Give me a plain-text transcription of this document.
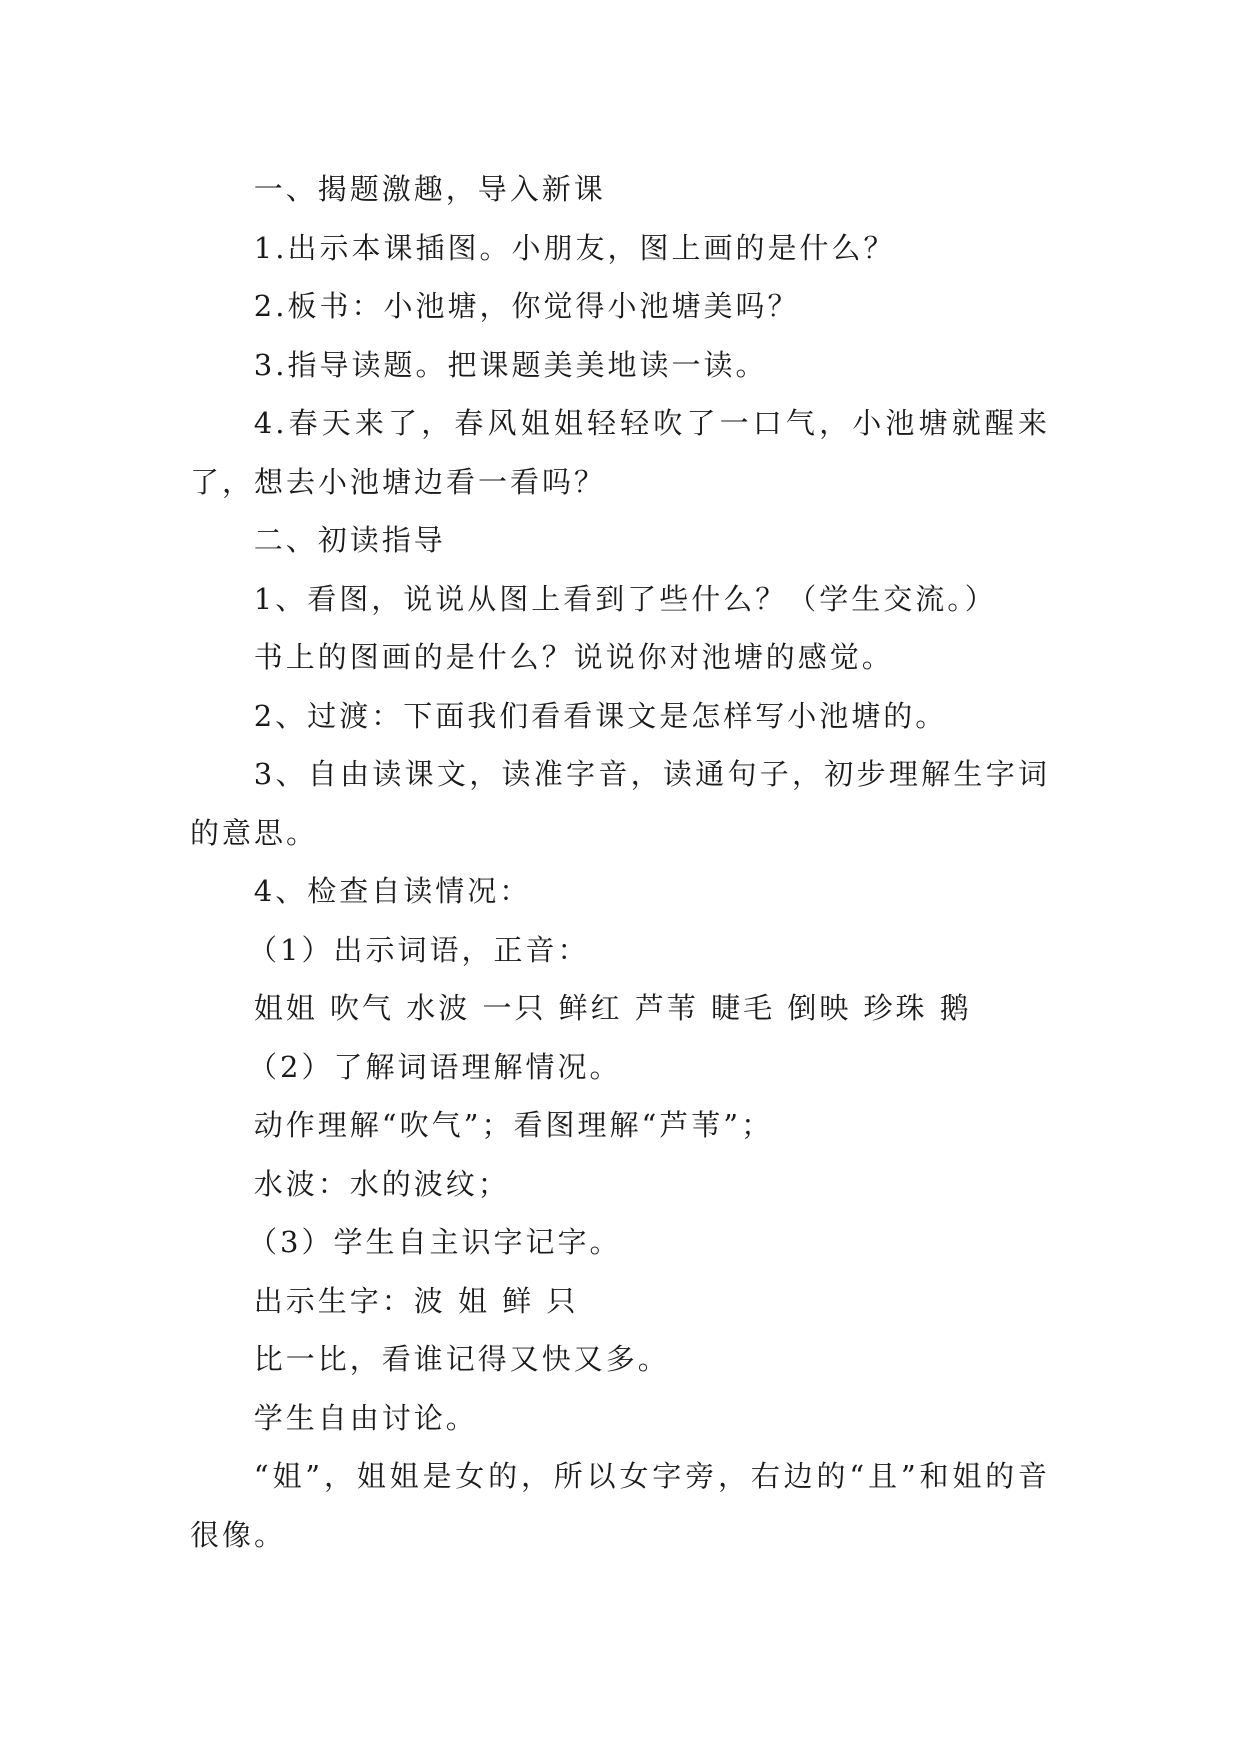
一、揭题激趣，导入新课

1.出示本课插图。小朋友，图上画的是什么？

2.板书：小池塘，你觉得小池塘美吗？

3.指导读题。把课题美美地读一读。

4.春天来了，春风姐姐轻轻吹了一口气，小池塘就醒来了，想去小池塘边看一看吗？

二、初读指导

1、看图，说说从图上看到了些什么？（学生交流。）

书上的图画的是什么？说说你对池塘的感觉。

2、过渡：下面我们看看课文是怎样写小池塘的。

3、自由读课文，读准字音，读通句子，初步理解生字词的意思。

4、检查自读情况：

（1）出示词语，正音：

姐姐 吹气 水波 一只 鲜红 芦苇 睫毛 倒映 珍珠 鹅

（2）了解词语理解情况。

动作理解“吹气”；看图理解“芦苇”；

水波：水的波纹；

（3）学生自主识字记字。

出示生字：波 姐 鲜 只

比一比，看谁记得又快又多。

学生自由讨论。

“姐”，姐姐是女的，所以女字旁，右边的“且”和姐的音很像。
